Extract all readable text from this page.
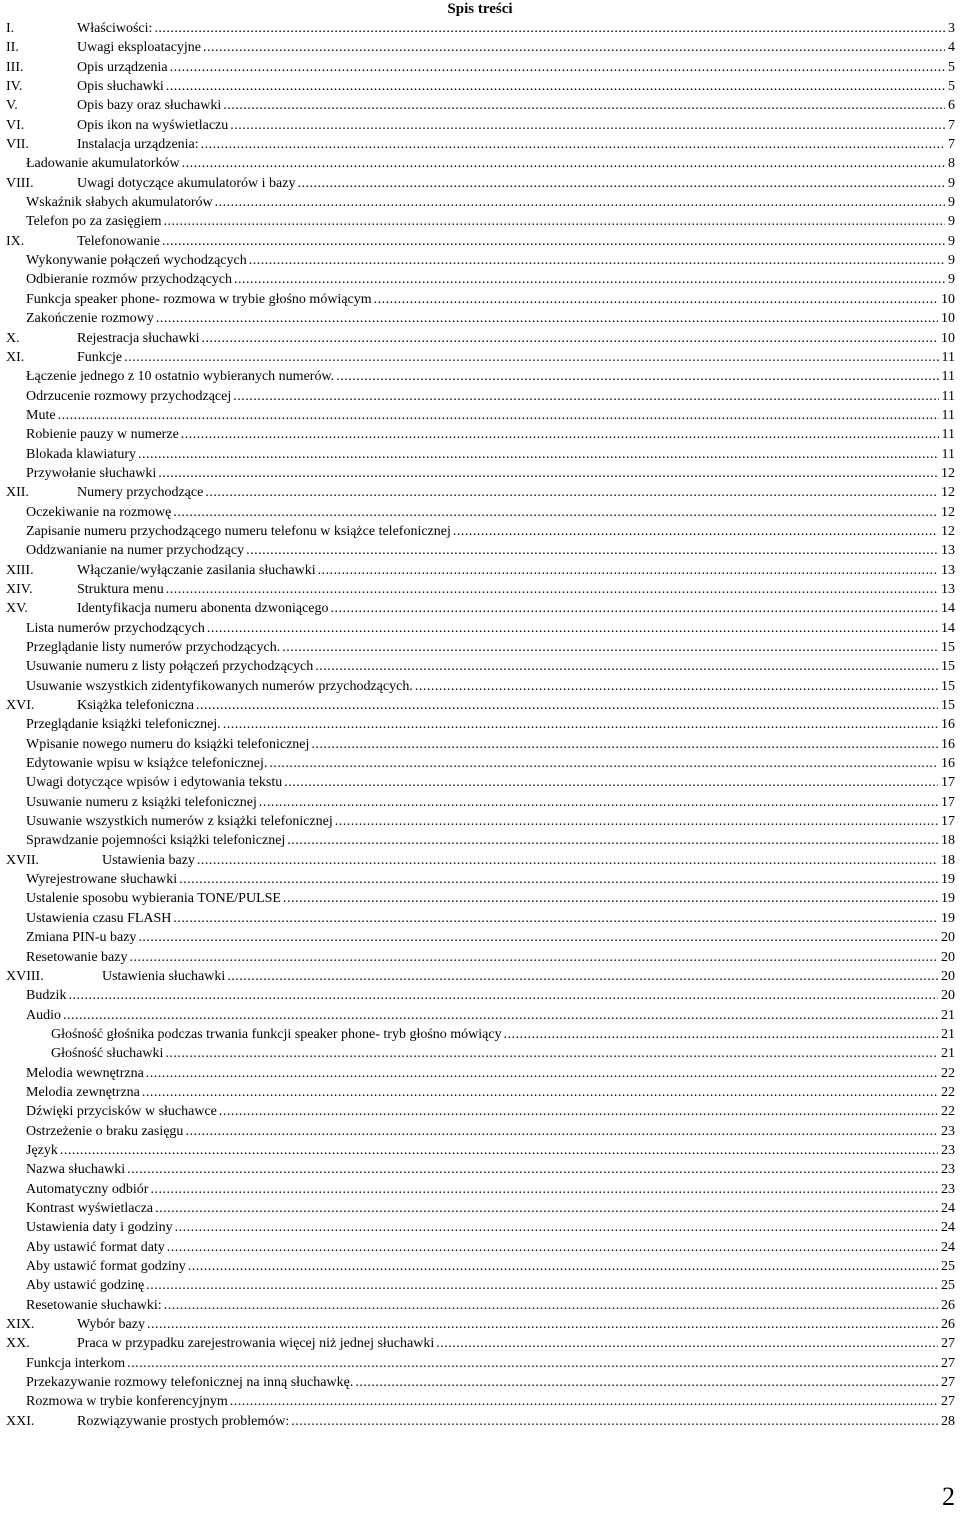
Spis treści
I.	Właściwości: .....	3
II.	Uwagi eksploatacyjne .....	4
III.	Opis urządzenia .....	5
IV.	Opis słuchawki .....	5
V.	Opis bazy oraz słuchawki .....	6
VI.	Opis ikon na wyświetlaczu .....	7
VII.	Instalacja urządzenia: .....	7
Ładowanie akumulatorków .....	8
VIII.	Uwagi dotyczące akumulatorów i bazy .....	9
Wskaźnik słabych akumulatorów .....	9
Telefon po za zasięgiem .....	9
IX.	Telefonowanie .....	9
Wykonywanie połączeń wychodzących .....	9
Odbieranie rozmów przychodzących .....	9
Funkcja speaker phone- rozmowa w trybie głośno mówiącym .....	10
Zakończenie rozmowy .....	10
X.	Rejestracja słuchawki .....	10
XI.	Funkcje .....	11
Łączenie jednego z 10 ostatnio wybieranych numerów. .....	11
Odrzucenie rozmowy przychodzącej .....	11
Mute .....	11
Robienie pauzy w numerze .....	11
Blokada klawiatury .....	11
Przywołanie słuchawki .....	12
XII.	Numery przychodzące .....	12
Oczekiwanie na rozmowę .....	12
Zapisanie numeru przychodzącego numeru telefonu w książce telefonicznej .....	12
Oddzwanianie na numer przychodzący .....	13
XIII.	Włączanie/wyłączanie zasilania słuchawki .....	13
XIV.	Struktura menu .....	13
XV.	Identyfikacja numeru abonenta dzwoniącego .....	14
Lista numerów przychodzących .....	14
Przeglądanie listy numerów przychodzących. .....	15
Usuwanie numeru z listy połączeń przychodzących .....	15
Usuwanie wszystkich zidentyfikowanych numerów przychodzących. .....	15
XVI.	Książka telefoniczna .....	15
Przeglądanie książki telefonicznej. .....	16
Wpisanie nowego numeru do książki telefonicznej .....	16
Edytowanie wpisu w książce telefonicznej. .....	16
Uwagi dotyczące wpisów i edytowania tekstu .....	17
Usuwanie numeru z książki telefonicznej .....	17
Usuwanie wszystkich numerów z książki telefonicznej .....	17
Sprawdzanie pojemności książki telefonicznej .....	18
XVII.	Ustawienia bazy .....	18
Wyrejestrowane słuchawki .....	19
Ustalenie sposobu wybierania TONE/PULSE .....	19
Ustawienia czasu FLASH .....	19
Zmiana PIN-u bazy .....	20
Resetowanie bazy .....	20
XVIII.	Ustawienia słuchawki .....	20
Budzik .....	20
Audio .....	21
Głośność głośnika podczas trwania funkcji speaker phone- tryb głośno mówiący .....	21
Głośność słuchawki .....	21
Melodia wewnętrzna .....	22
Melodia zewnętrzna .....	22
Dźwięki przycisków w słuchawce .....	22
Ostrzeżenie o braku zasięgu .....	23
Język .....	23
Nazwa słuchawki .....	23
Automatyczny odbiór .....	23
Kontrast wyświetlacza .....	24
Ustawienia daty i godziny .....	24
Aby ustawić format daty .....	24
Aby ustawić format godziny .....	25
Aby ustawić godzinę .....	25
Resetowanie słuchawki: .....	26
XIX.	Wybór bazy .....	26
XX.	Praca w przypadku zarejestrowania więcej niż jednej słuchawki .....	27
Funkcja interkom .....	27
Przekazywanie rozmowy telefonicznej na inną słuchawkę. .....	27
Rozmowa w trybie konferencyjnym .....	27
XXI.	Rozwiązywanie prostych problemów: .....	28
2
